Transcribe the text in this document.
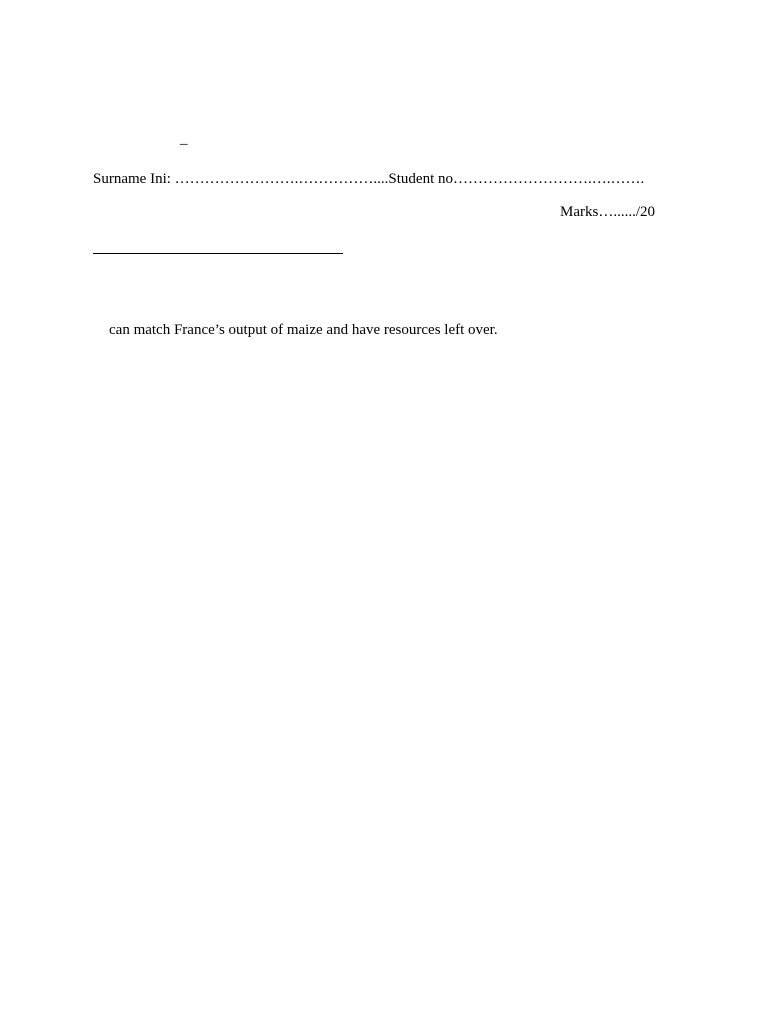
–
Surname Ini: …………………….……………....Student no……………………….….…….
Marks…....../20
can match France’s output of maize and have resources left over.
